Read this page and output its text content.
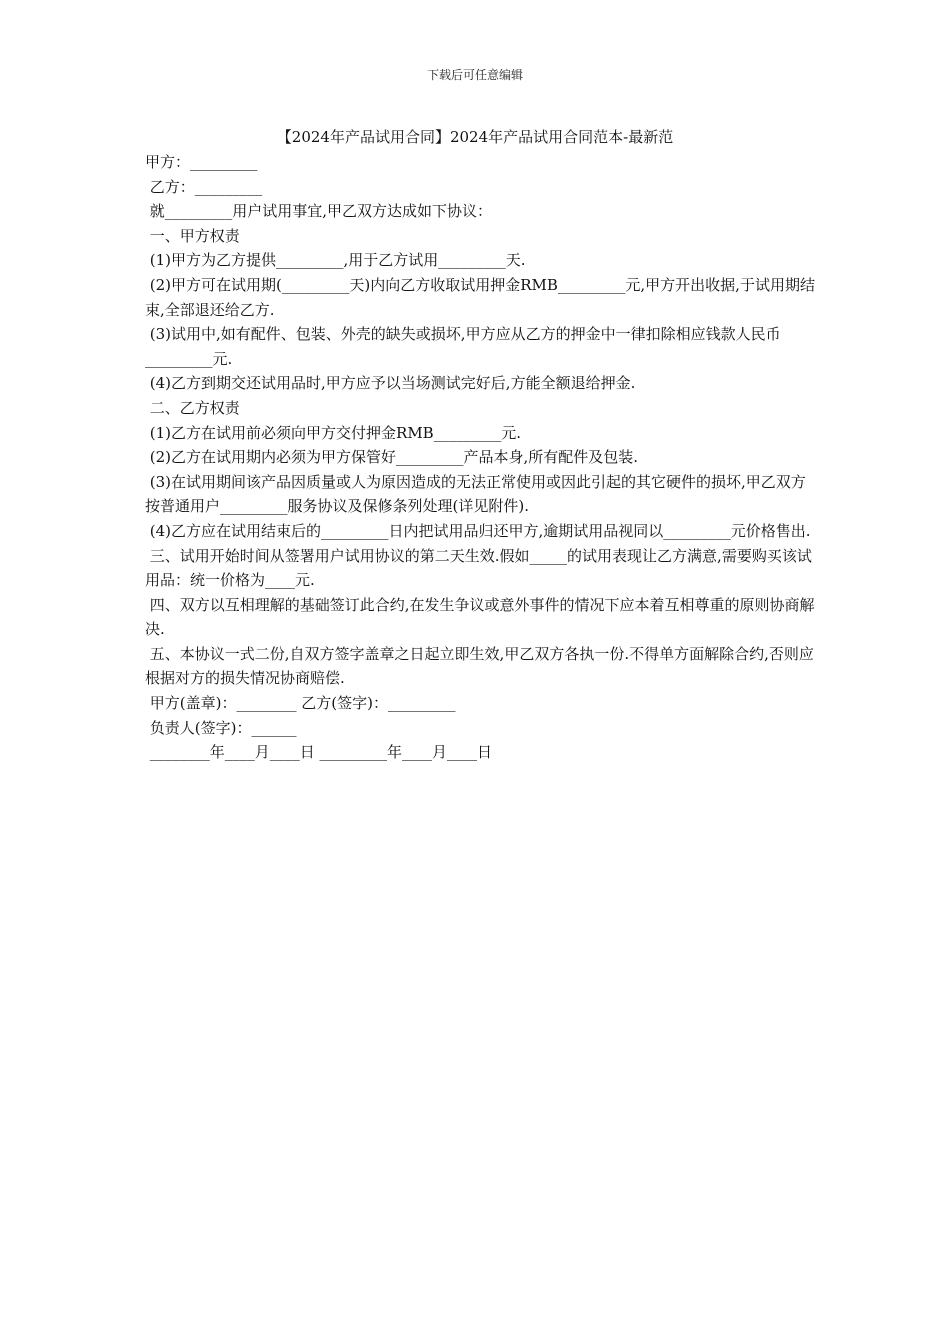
下载后可任意编辑
【2024年产品试用合同】2024年产品试用合同范本-最新范

甲方：_________

乙方：_________

就_________用户试用事宜,甲乙双方达成如下协议：

一、甲方权责

(1)甲方为乙方提供_________,用于乙方试用_________天.

(2)甲方可在试用期(_________天)内向乙方收取试用押金RMB_________元,甲方开出收据,于试用期结束,全部退还给乙方.

(3)试用中,如有配件、包装、外壳的缺失或损坏,甲方应从乙方的押金中一律扣除相应钱款人民币_________元.

(4)乙方到期交还试用品时,甲方应予以当场测试完好后,方能全额退给押金.

二、乙方权责

(1)乙方在试用前必须向甲方交付押金RMB_________元.

(2)乙方在试用期内必须为甲方保管好_________产品本身,所有配件及包装.

(3)在试用期间该产品因质量或人为原因造成的无法正常使用或因此引起的其它硬件的损坏,甲乙双方按普通用户_________服务协议及保修条列处理(详见附件).

(4)乙方应在试用结束后的_________日内把试用品归还甲方,逾期试用品视同以_________元价格售出.

三、试用开始时间从签署用户试用协议的第二天生效.假如_____的试用表现让乙方满意,需要购买该试用品：统一价格为____元.

四、双方以互相理解的基础签订此合约,在发生争议或意外事件的情况下应本着互相尊重的原则协商解决.

五、本协议一式二份,自双方签字盖章之日起立即生效,甲乙双方各执一份.不得单方面解除合约,否则应根据对方的损失情况协商赔偿.

甲方(盖章)：________ 乙方(签字)：_________

负责人(签字)：______

________年____月____日 _________年____月____日
